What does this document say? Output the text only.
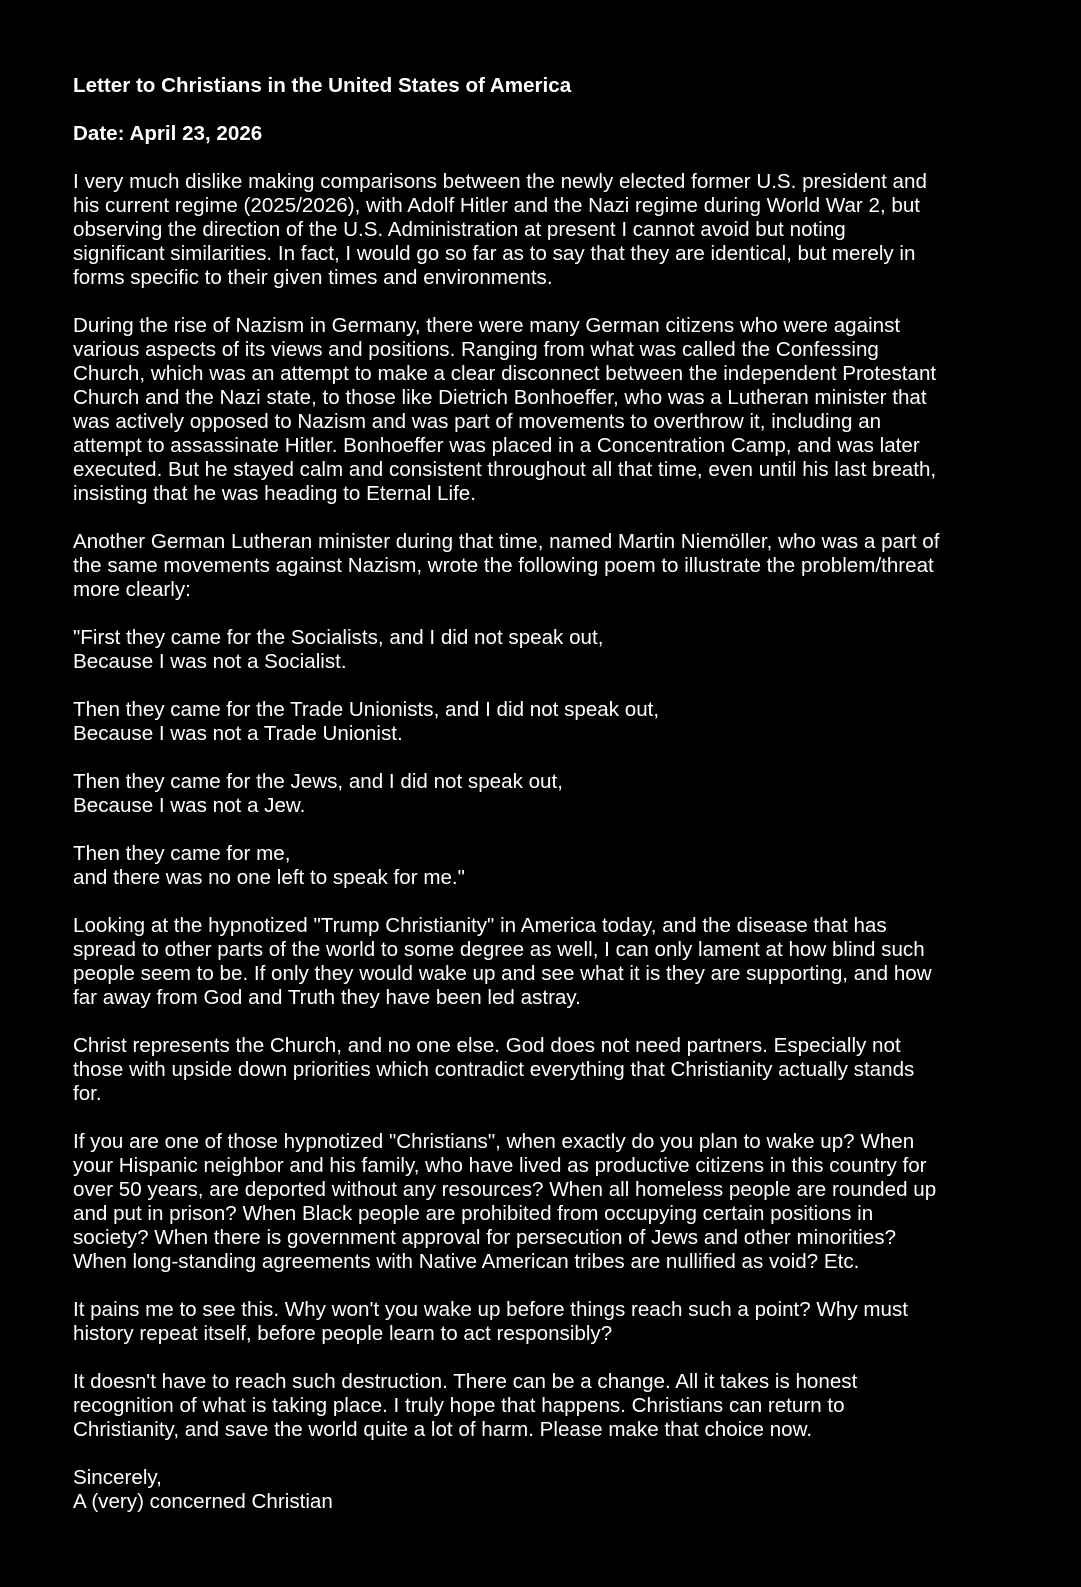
Letter to Christians in the United States of America
Date: April 23, 2026
I very much dislike making comparisons between the newly elected former U.S. president and
his current regime (2025/2026), with Adolf Hitler and the Nazi regime during World War 2, but
observing the direction of the U.S. Administration at present I cannot avoid but noting
significant similarities. In fact, I would go so far as to say that they are identical, but merely in
forms specific to their given times and environments.
During the rise of Nazism in Germany, there were many German citizens who were against
various aspects of its views and positions. Ranging from what was called the Confessing
Church, which was an attempt to make a clear disconnect between the independent Protestant
Church and the Nazi state, to those like Dietrich Bonhoeffer, who was a Lutheran minister that
was actively opposed to Nazism and was part of movements to overthrow it, including an
attempt to assassinate Hitler. Bonhoeffer was placed in a Concentration Camp, and was later
executed. But he stayed calm and consistent throughout all that time, even until his last breath,
insisting that he was heading to Eternal Life.
Another German Lutheran minister during that time, named Martin Niemöller, who was a part of
the same movements against Nazism, wrote the following poem to illustrate the problem/threat
more clearly:
"First they came for the Socialists, and I did not speak out,
Because I was not a Socialist.
Then they came for the Trade Unionists, and I did not speak out,
Because I was not a Trade Unionist.
Then they came for the Jews, and I did not speak out,
Because I was not a Jew.
Then they came for me,
and there was no one left to speak for me."
Looking at the hypnotized "Trump Christianity" in America today, and the disease that has
spread to other parts of the world to some degree as well, I can only lament at how blind such
people seem to be. If only they would wake up and see what it is they are supporting, and how
far away from God and Truth they have been led astray.
Christ represents the Church, and no one else. God does not need partners. Especially not
those with upside down priorities which contradict everything that Christianity actually stands
for.
If you are one of those hypnotized "Christians", when exactly do you plan to wake up? When
your Hispanic neighbor and his family, who have lived as productive citizens in this country for
over 50 years, are deported without any resources? When all homeless people are rounded up
and put in prison? When Black people are prohibited from occupying certain positions in
society? When there is government approval for persecution of Jews and other minorities?
When long-standing agreements with Native American tribes are nullified as void? Etc.
It pains me to see this. Why won't you wake up before things reach such a point? Why must
history repeat itself, before people learn to act responsibly?
It doesn't have to reach such destruction. There can be a change. All it takes is honest
recognition of what is taking place. I truly hope that happens. Christians can return to
Christianity, and save the world quite a lot of harm. Please make that choice now.
Sincerely,
A (very) concerned Christian
